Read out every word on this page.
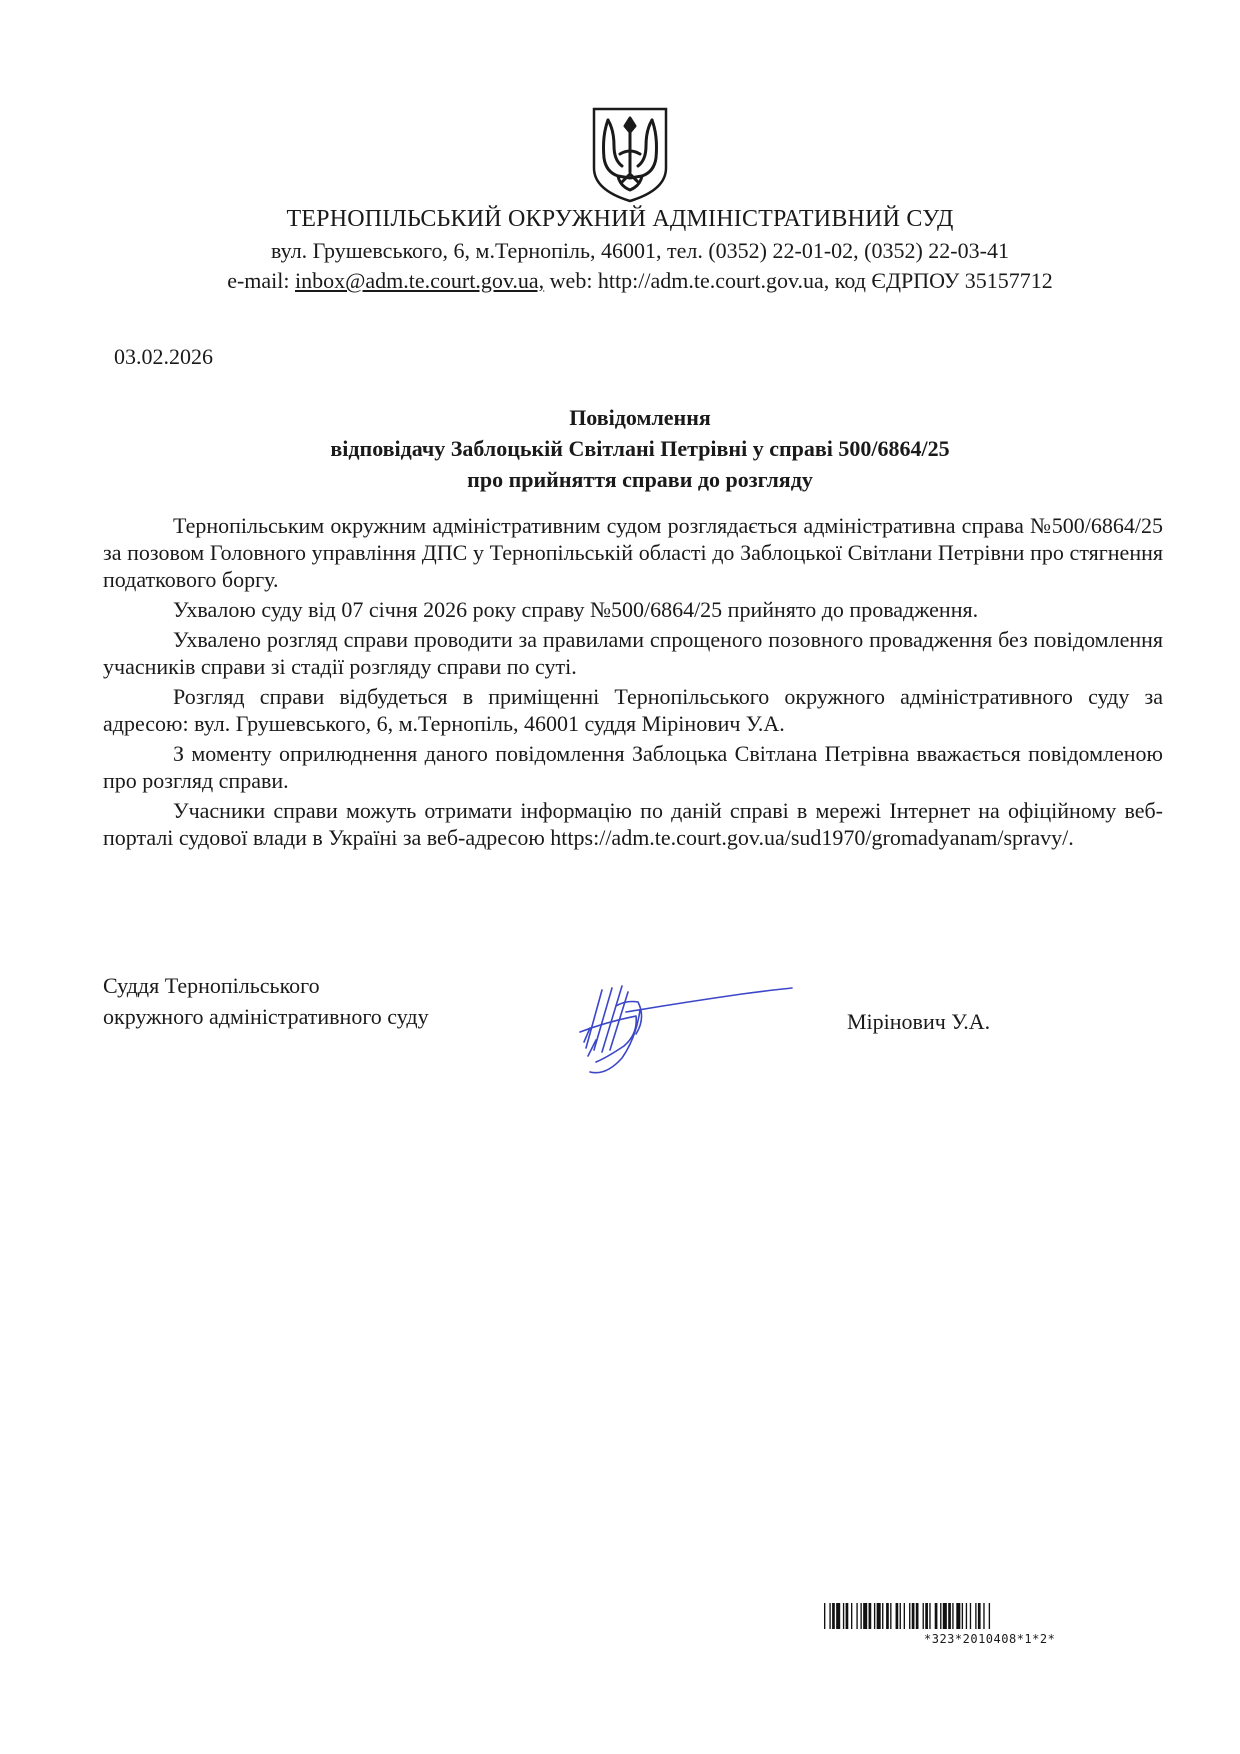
ТЕРНОПІЛЬСЬКИЙ ОКРУЖНИЙ АДМІНІСТРАТИВНИЙ СУД
вул. Грушевського, 6, м.Тернопіль, 46001, тел. (0352) 22-01-02, (0352) 22-03-41
e-mail: inbox@adm.te.court.gov.ua, web: http://adm.te.court.gov.ua, код ЄДРПОУ 35157712
03.02.2026
Повідомлення
відповідачу Заблоцькій Світлані Петрівні у справі 500/6864/25
про прийняття справи до розгляду

Тернопільським окружним адміністративним судом розглядається адміністративна справа №500/6864/25 за позовом Головного управління ДПС у Тернопільській області до Заблоцької Світлани Петрівни про стягнення податкового боргу.

Ухвалою суду від 07 січня 2026 року справу №500/6864/25 прийнято до провадження.

Ухвалено розгляд справи проводити за правилами спрощеного позовного провадження без повідомлення учасників справи зі стадії розгляду справи по суті.

Розгляд справи відбудеться в приміщенні Тернопільського окружного адміністративного суду за адресою: вул. Грушевського, 6, м.Тернопіль, 46001 суддя Мірінович У.А.

З моменту оприлюднення даного повідомлення Заблоцька Світлана Петрівна вважається повідомленою про розгляд справи.

Учасники справи можуть отримати інформацію по даній справі в мережі Інтернет на офіційному веб-порталі судової влади в Україні за веб-адресою https://adm.te.court.gov.ua/sud1970/gromadyanam/spravy/.

Суддя Тернопільського
окружного адміністративного суду	Мірінович У.А.
*323*2010408*1*2*
